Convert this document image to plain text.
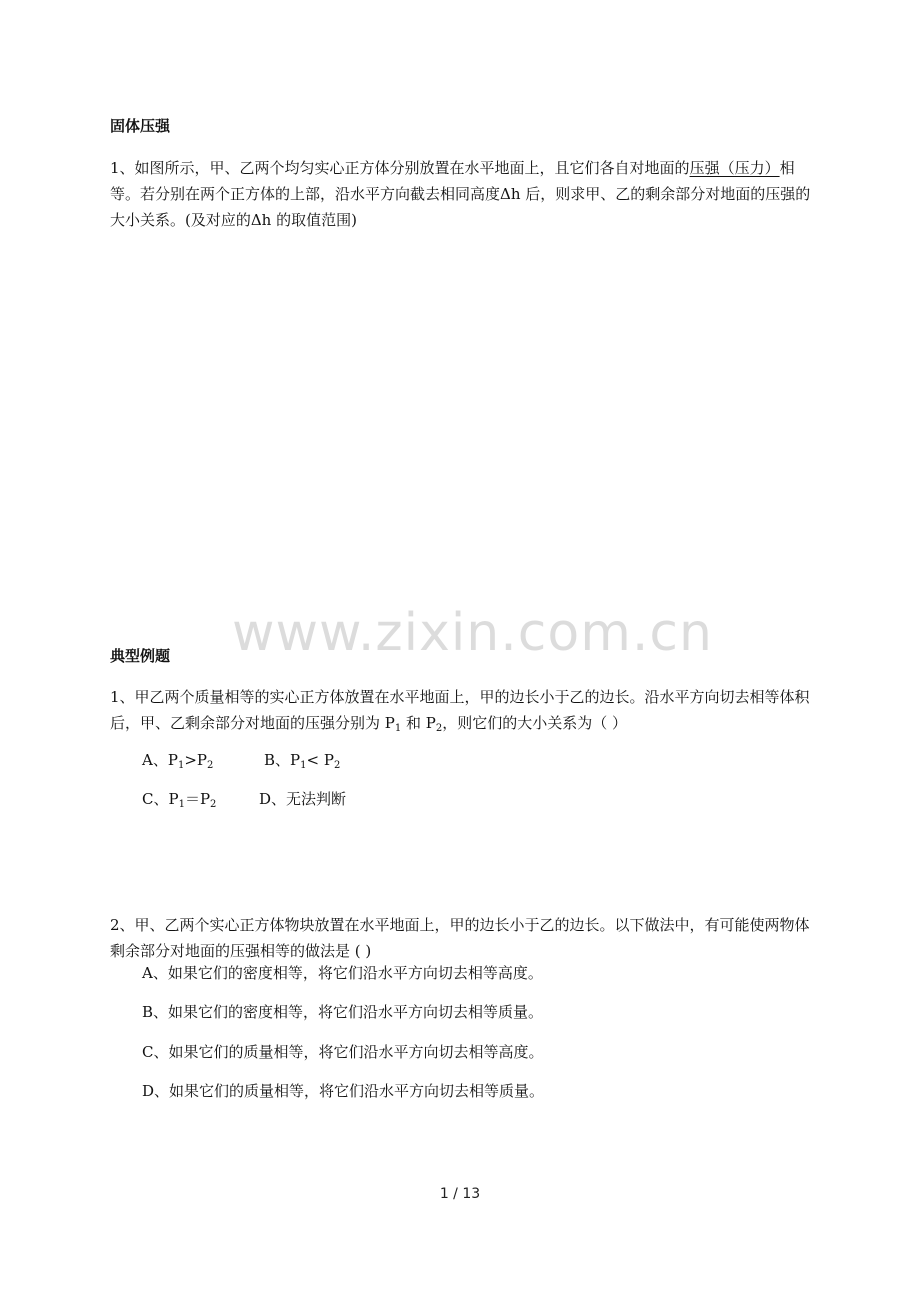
固体压强
1、如图所示，甲、乙两个均匀实心正方体分别放置在水平地面上，且它们各自对地面的压强（压力）相等。若分别在两个正方体的上部，沿水平方向截去相同高度Δh 后，则求甲、乙的剩余部分对地面的压强的大小关系。(及对应的Δh 的取值范围)
www.zixin.com.cn
典型例题
1、甲乙两个质量相等的实心正方体放置在水平地面上，甲的边长小于乙的边长。沿水平方向切去相等体积后，甲、乙剩余部分对地面的压强分别为 $P_1$ 和 $P_2$，则它们的大小关系为（ ）
A、$P_1>P_2$	B、$P_1< P_2$
C、$P_1=P_2$	D、无法判断
2、甲、乙两个实心正方体物块放置在水平地面上，甲的边长小于乙的边长。以下做法中，有可能使两物体剩余部分对地面的压强相等的做法是 ( )
A、如果它们的密度相等，将它们沿水平方向切去相等高度。
B、如果它们的密度相等，将它们沿水平方向切去相等质量。
C、如果它们的质量相等，将它们沿水平方向切去相等高度。
D、如果它们的质量相等，将它们沿水平方向切去相等质量。
1 / 13
